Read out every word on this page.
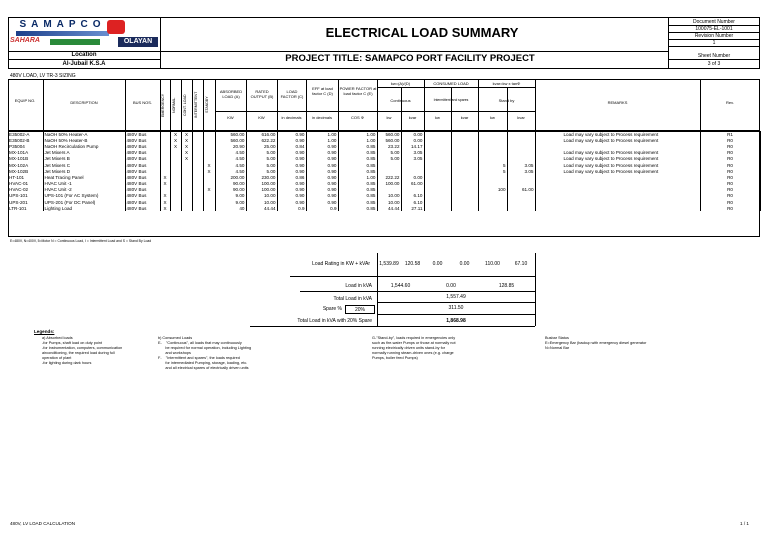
SAMAPCO
SAHARA	OLAYAN
Location
Al-Jubail K.S.A
ELECTRICAL LOAD SUMMARY
PROJECT TITLE: SAMAPCO PORT FACILITY PROJECT
Document Number
100075-EL-1001
Revision Number
1
Sheet Number
3 of 3
480V LOAD, LV TR-3 SIZING
EQUIP NO.	DESCRIPTION	BUS NOS.	EMERGENCY	NORMAL	CONT. LOAD	INTERMITTENT	STANDBY
ABSORBED LOAD (A)
RATED OUTPUT (B)
LOAD FACTOR (C)
EFF at load factor C (D)
POWER FACTOR at load factor C (E)
kw=(A)/(D)	CONSUMED LOAD	kvar=kw x tanΦ
Continuous	Intermittent and spares	Stand by	REMARKS	Rev.
KW	KW	in decimals	in decimals	COS Φ	kw	kvar	kw	kvar	kw	kvar
E35002-A	NaOH 50% Heater-A	480V Bus		X	X			560.00	616.00	0.90	1.00	1.00	560.00	0.00					Load may vary subject to Process requirement	R1
E35002-B	NaOH 50% Heater-B	480V Bus		X	X			560.00	622.22	0.90	1.00	1.00	560.00	0.00					Load may vary subject to Process requirement	R0
P35004	NaOH Recirculation Pump	480V Bus		X	X			20.90	25.00	0.84	0.90	0.85	23.22	14.17						R0
MX-101A	Jet Mixers A	480V Bus			X			4.50	5.00	0.90	0.90	0.85	5.00	3.05					Load may vary subject to Process requirement	R0
MX-101B	Jet Mixers B	480V Bus			X			4.50	5.00	0.90	0.90	0.85	5.00	3.05					Load may vary subject to Process requirement	R0
MX-102A	Jet Mixers C	480V Bus					X	4.50	5.00	0.90	0.90	0.85					5	3.05	Load may vary subject to Process requirement	R0
MX-102B	Jet Mixers D	480V Bus					X	4.50	5.00	0.90	0.90	0.85					5	3.05	Load may vary subject to Process requirement	R0
HT-101	Heat Tracing Panel	480V Bus	X					200.00	230.00	0.86	0.90	1.00	222.22	0.00						R0
HVAC-01	HVAC Unit -1	480V Bus	X					90.00	100.00	0.90	0.90	0.85	100.00	61.00						R0
HVAC-02	HVAC Unit -2	480V Bus					X	90.00	100.00	0.90	0.90	0.85					100	61.00		R0
UPS-101	UPS-101 (For AC System)	480V Bus	X					9.00	10.00	0.90	0.90	0.85	10.00	6.10						R0
UPS-201	UPS-201 (For DC Panel)	480V Bus	X					9.00	10.00	0.90	0.90	0.85	10.00	6.10						R0
LTR-101	Lighting Load	480V Bus	X					40	44.44	0.9	0.9	0.85	44.44	27.11						R0
E=480V, N=400V, 5=Motor N = Continuous Load, I = Intermittent Load and S = Stand By Load
Load Rating in KW + kVAr	1,539.89	120.58	0.00	0.00	110.00	67.10
Load in kVA	1,544.60	0.00	128.85
Total Load in kVA	1,557.49
Spare %	20%	311.50
Total Load in kVA with 20% Spare	1,868.98
Legends:
a) Absorbed loads
-for Pumps, shaft load on duty point
-for instrumentation, computers, communication
airconditioning, the required load during full
operation of plant
-for lighting during dark hours
b) Consumed Loads
E-    "Continuous", all loads that may continuously
be required for normal operation, including Lighting
and workshops
F-    "Intermittent and spares", the loads required
for intermediated Pumping, storage, loading, etc.
and all electrical spares of electrically driven units
G-"Stand-by", loads required in emergencies only
such as fire-water Pumps or those at normally not
running electrically driven units stand-by for
normally running steam-driven ones (e.g. charge
Pumps, boiler feed Pumps)
Busbar Status
E=Emergency Bar (backup with emergency diesel generator
N=Normal Bar
480V, LV LOAD CALCULATION	1 / 1
